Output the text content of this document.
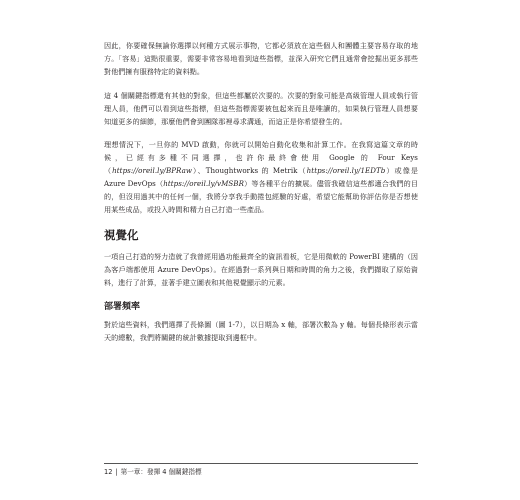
因此，你要確保無論你選擇以何種方式展示事物，它都必須放在這些個人和團體主要容易存取的地方。「容易」這點很重要，需要非常容易地看到這些指標，並深入研究它們且通常會挖掘出更多那些對他們擁有服務特定的資料點。

這 4 個關鍵指標還有其他的對象，但這些都屬於次要的。次要的對象可能是高級管理人員或執行管理人員，他們可以看到這些指標，但這些指標需要被包起來而且是唯讀的，如果執行管理人員想要知道更多的細節，那麼他們會到團隊那裡尋求溝通，而這正是你希望發生的。

理想情況下，一旦你的 MVD 啟動，你就可以開始自動化收集和計算工作。在我寫這篇文章的時候，已經有多種不同選擇，也許你最終會使用 Google 的 Four Keys（https://oreil.ly/BPRaw）、Thoughtworks 的 Metrik（https://oreil.ly/1EDTb）或像是 Azure DevOps（https://oreil.ly/vMSBR）等各種平台的擴展。儘管我確信這些都適合我們的目的，但沒用過其中的任何一個，我將分享我手動捲包經驗的好處，希望它能幫助你評估你是否想使用某些成品，或投入時間和精力自己打造一些產品。

視覺化

一項自己打造的努力造就了我曾經用過功能最齊全的資訊看板，它是用微軟的 PowerBI 建構的（因為客戶端都使用 Azure DevOps）。在經過對一系列與日期和時間的角力之後，我們擷取了原始資料，進行了計算，並著手建立圖表和其他視覺顯示的元素。

部署頻率

對於這些資料，我們選擇了長條圖（圖 1-7），以日期為 x 軸，部署次數為 y 軸。每個長條形表示當天的總數，我們將關鍵的統計數據提取到邊框中。

12 | 第一章：發揮 4 個關鍵指標
